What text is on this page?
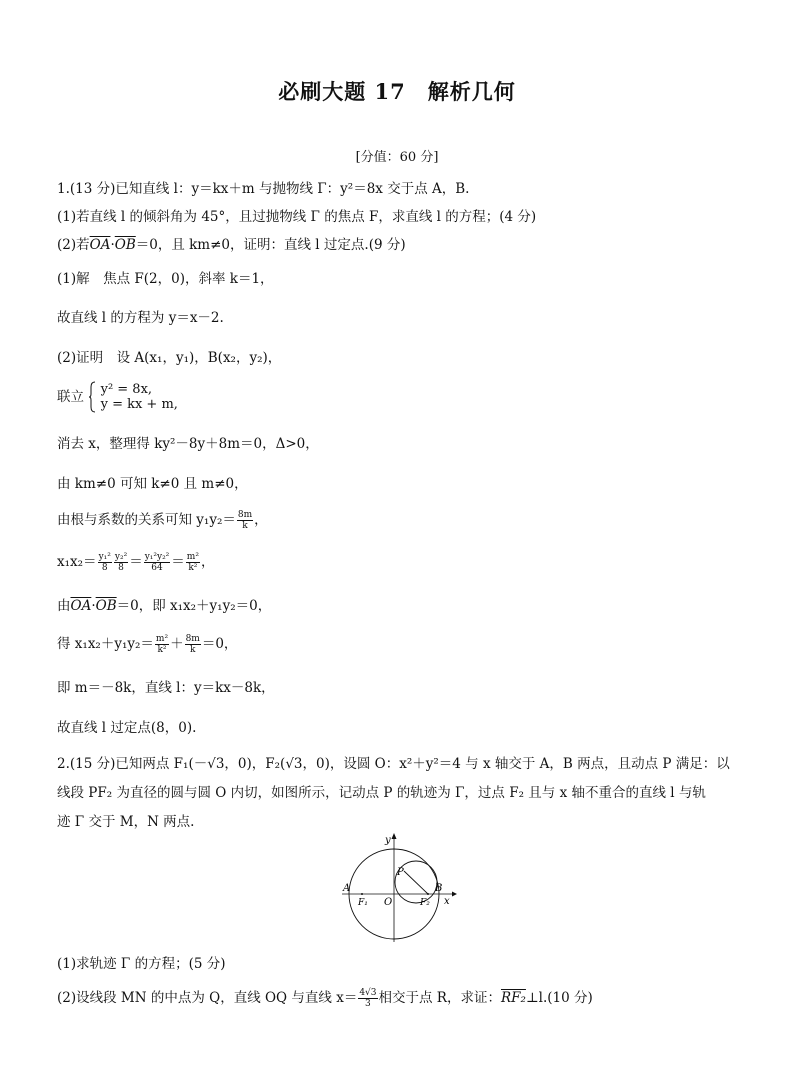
必刷大题 17　解析几何
[分值：60 分]
1.(13 分)已知直线 l：y＝kx＋m 与抛物线 Γ：y²＝8x 交于点 A，B.
(1)若直线 l 的倾斜角为 45°，且过抛物线 Γ 的焦点 F，求直线 l 的方程；(4 分)
(2)若$\overline{OA}\cdot\overline{OB}=0$，且 km≠0，证明：直线 l 过定点.(9 分)
(1)解　焦点 F(2，0)，斜率 k＝1，
故直线 l 的方程为 y＝x－2.
(2)证明　设 A(x₁，y₁)，B(x₂，y₂)，
联立 y² = 8x,
y = kx + m,
消去 x，整理得 ky²－8y＋8m＝0，Δ>0，
由 km≠0 可知 k≠0 且 m≠0，
由根与系数的关系可知 $y_1y_2= \frac{8m}{k}$ ，
$x_1x_2= \frac{\text{y₁²}}{8} \frac{\text{y₂²}}{8} = \frac{\text{y₁²y₂²}}{64} = \frac{\text{m²}}{\text{k²}}$ ，
由$\overline{OA}\cdot\overline{OB}=0$，即 x₁x₂＋y₁y₂＝0，
得 $x_1x_2+y_1y_2= \frac{\text{m²}}{\text{k²}} + \frac{8m}{k} =0$，
即 m＝－8k，直线 l：y＝kx－8k，
故直线 l 过定点(8，0).
2.(15 分)已知两点 F₁(－√3，0)，F₂(√3，0)，设圆 O：x²＋y²＝4 与 x 轴交于 A，B 两点，且动点 P 满足：以
线段 PF₂ 为直径的圆与圆 O 内切，如图所示，记动点 P 的轨迹为 Γ，过点 F₂ 且与 x 轴不重合的直线 l 与轨
迹 Γ 交于 M，N 两点.
y
x
A	B
P
O
F₁	F₂
(1)求轨迹 Γ 的方程；(5 分)
(2)设线段 MN 的中点为 Q，直线 OQ 与直线 $x= \frac{4√3}{3}$ 相交于点 R，求证：RF₂⊥l.(10 分)
